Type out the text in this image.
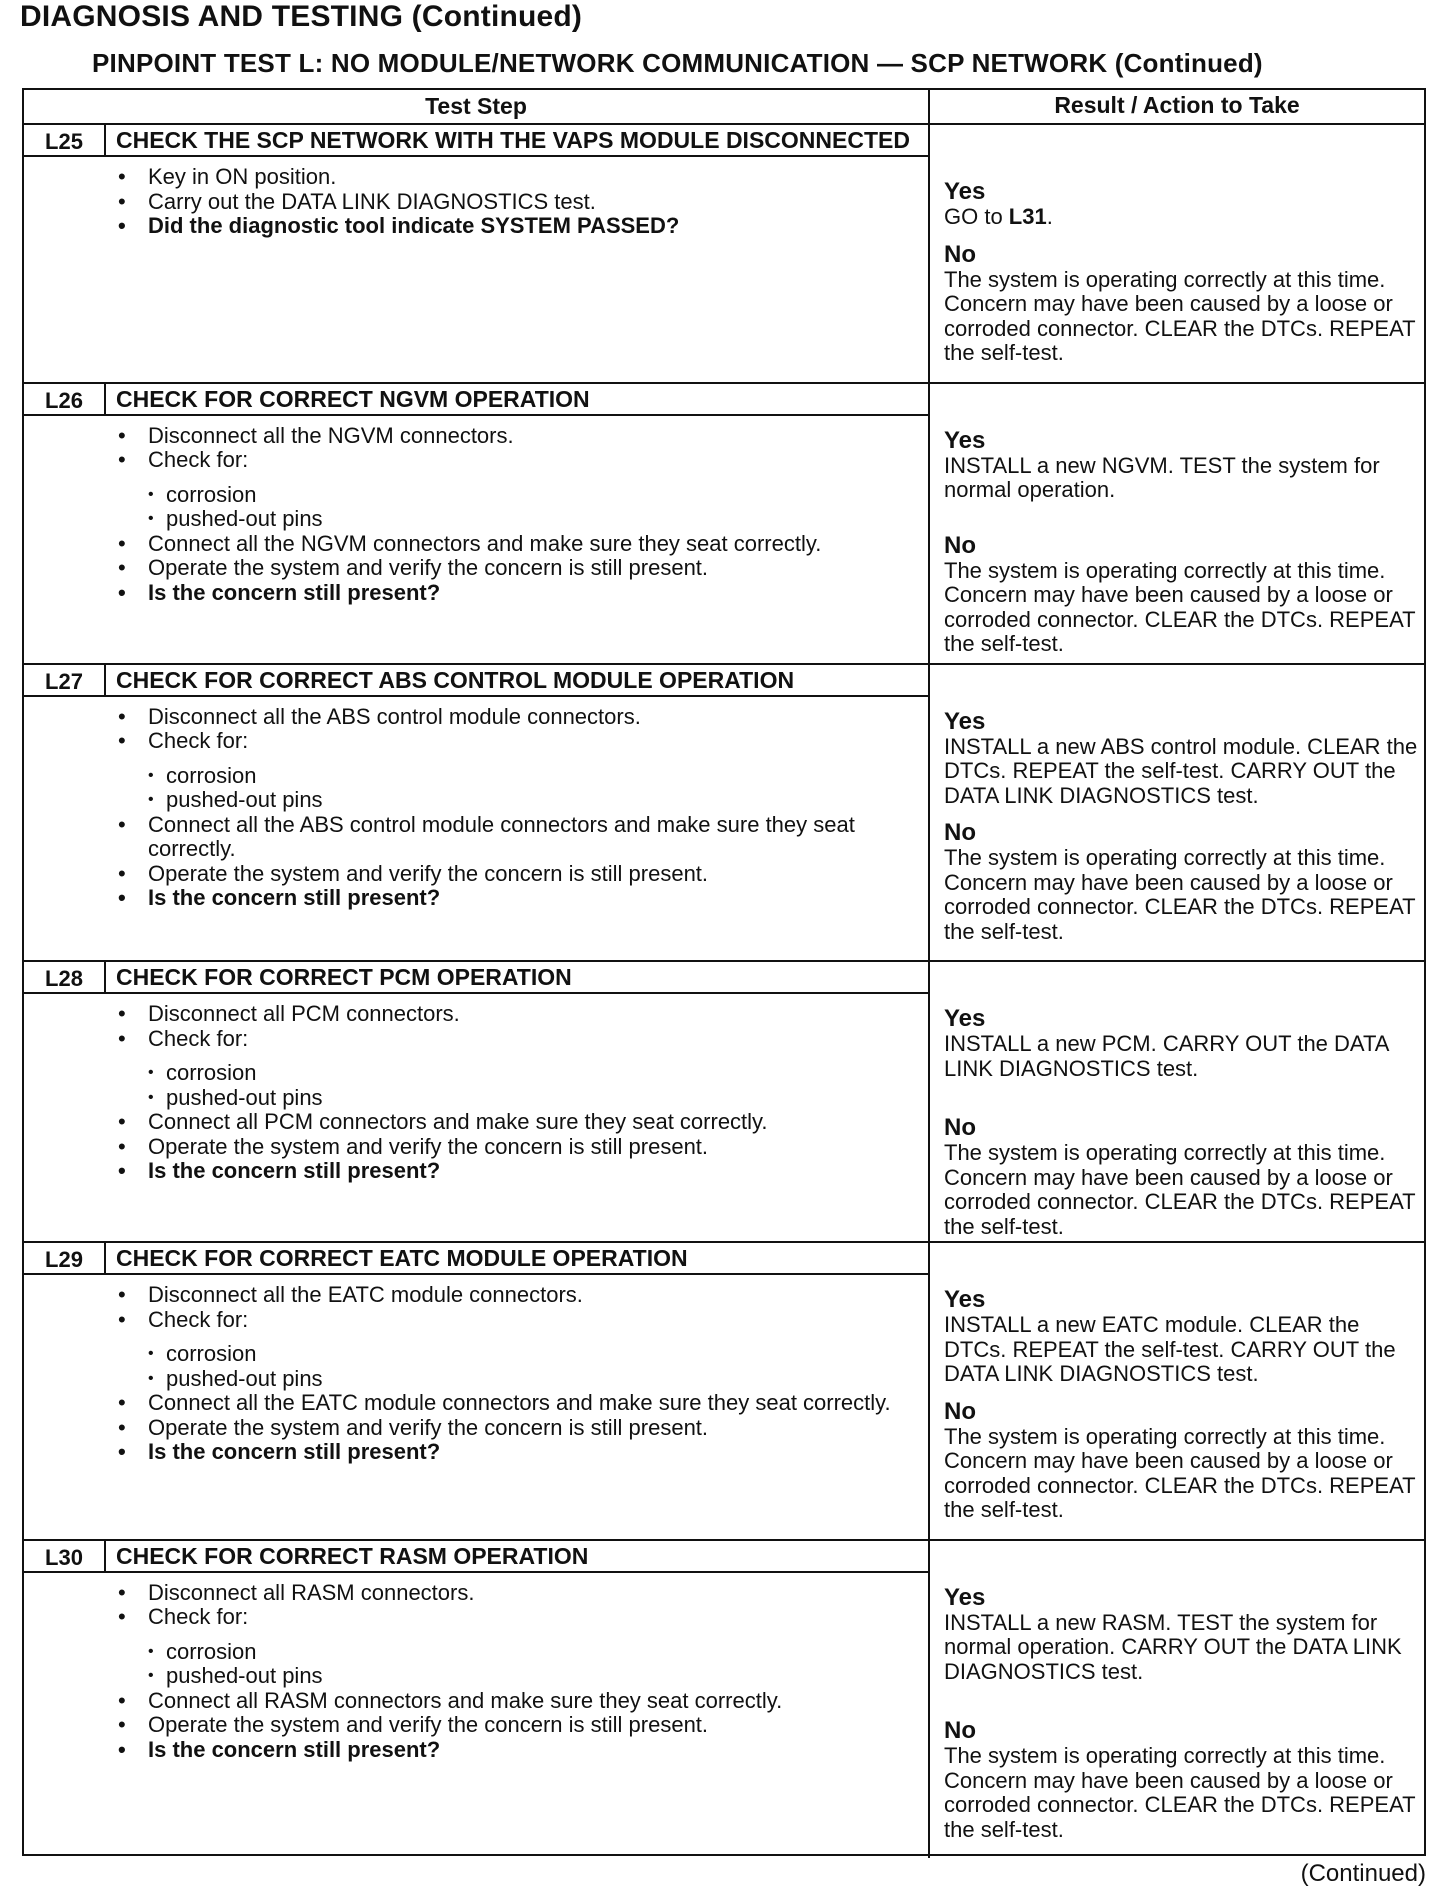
DIAGNOSIS AND TESTING (Continued)
PINPOINT TEST L: NO MODULE/NETWORK COMMUNICATION — SCP NETWORK (Continued)
Test Step	Result / Action to Take
L25	CHECK THE SCP NETWORK WITH THE VAPS MODULE DISCONNECTED
• Key in ON position.
• Carry out the DATA LINK DIAGNOSTICS test.
• Did the diagnostic tool indicate SYSTEM PASSED?
Yes
GO to L31.
No
The system is operating correctly at this time. Concern may have been caused by a loose or corroded connector. CLEAR the DTCs. REPEAT the self-test.
L26	CHECK FOR CORRECT NGVM OPERATION
• Disconnect all the NGVM connectors.
• Check for:
• corrosion
• pushed-out pins
• Connect all the NGVM connectors and make sure they seat correctly.
• Operate the system and verify the concern is still present.
• Is the concern still present?
Yes
INSTALL a new NGVM. TEST the system for normal operation.
No
The system is operating correctly at this time. Concern may have been caused by a loose or corroded connector. CLEAR the DTCs. REPEAT the self-test.
L27	CHECK FOR CORRECT ABS CONTROL MODULE OPERATION
• Disconnect all the ABS control module connectors.
• Check for:
• corrosion
• pushed-out pins
• Connect all the ABS control module connectors and make sure they seat correctly.
• Operate the system and verify the concern is still present.
• Is the concern still present?
Yes
INSTALL a new ABS control module. CLEAR the DTCs. REPEAT the self-test. CARRY OUT the DATA LINK DIAGNOSTICS test.
No
The system is operating correctly at this time. Concern may have been caused by a loose or corroded connector. CLEAR the DTCs. REPEAT the self-test.
L28	CHECK FOR CORRECT PCM OPERATION
• Disconnect all PCM connectors.
• Check for:
• corrosion
• pushed-out pins
• Connect all PCM connectors and make sure they seat correctly.
• Operate the system and verify the concern is still present.
• Is the concern still present?
Yes
INSTALL a new PCM. CARRY OUT the DATA LINK DIAGNOSTICS test.
No
The system is operating correctly at this time. Concern may have been caused by a loose or corroded connector. CLEAR the DTCs. REPEAT the self-test.
L29	CHECK FOR CORRECT EATC MODULE OPERATION
• Disconnect all the EATC module connectors.
• Check for:
• corrosion
• pushed-out pins
• Connect all the EATC module connectors and make sure they seat correctly.
• Operate the system and verify the concern is still present.
• Is the concern still present?
Yes
INSTALL a new EATC module. CLEAR the DTCs. REPEAT the self-test. CARRY OUT the DATA LINK DIAGNOSTICS test.
No
The system is operating correctly at this time. Concern may have been caused by a loose or corroded connector. CLEAR the DTCs. REPEAT the self-test.
L30	CHECK FOR CORRECT RASM OPERATION
• Disconnect all RASM connectors.
• Check for:
• corrosion
• pushed-out pins
• Connect all RASM connectors and make sure they seat correctly.
• Operate the system and verify the concern is still present.
• Is the concern still present?
Yes
INSTALL a new RASM. TEST the system for normal operation. CARRY OUT the DATA LINK DIAGNOSTICS test.
No
The system is operating correctly at this time. Concern may have been caused by a loose or corroded connector. CLEAR the DTCs. REPEAT the self-test.
(Continued)
